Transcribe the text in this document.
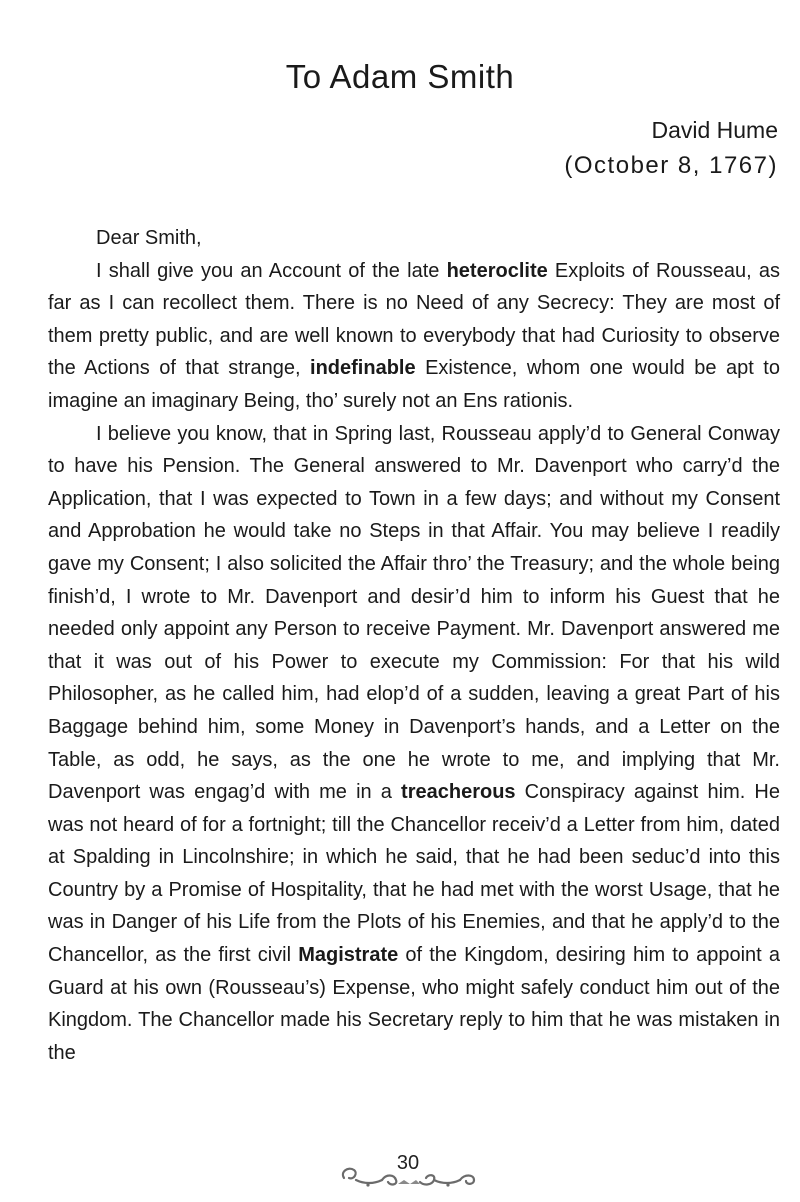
To Adam Smith
David Hume
(October 8, 1767)

Dear Smith,

I shall give you an Account of the late heteroclite Exploits of Rousseau, as far as I can recollect them. There is no Need of any Secrecy: They are most of them pretty public, and are well known to everybody that had Curiosity to observe the Actions of that strange, indefinable Existence, whom one would be apt to imagine an imaginary Being, tho’ surely not an Ens rationis.

I believe you know, that in Spring last, Rousseau apply’d to General Conway to have his Pension. The General answered to Mr. Davenport who carry’d the Application, that I was expected to Town in a few days; and without my Consent and Approbation he would take no Steps in that Affair. You may believe I readily gave my Consent; I also solicited the Affair thro’ the Treasury; and the whole being finish’d, I wrote to Mr. Davenport and desir’d him to inform his Guest that he needed only appoint any Person to receive Payment. Mr. Davenport answered me that it was out of his Power to execute my Commission: For that his wild Philosopher, as he called him, had elop’d of a sudden, leaving a great Part of his Baggage behind him, some Money in Davenport’s hands, and a Letter on the Table, as odd, he says, as the one he wrote to me, and implying that Mr. Davenport was engag’d with me in a treacherous Conspiracy against him. He was not heard of for a fortnight; till the Chancellor receiv’d a Letter from him, dated at Spalding in Lincolnshire; in which he said, that he had been seduc’d into this Country by a Promise of Hospitality, that he had met with the worst Usage, that he was in Danger of his Life from the Plots of his Enemies, and that he apply’d to the Chancellor, as the first civil Magistrate of the Kingdom, desiring him to appoint a Guard at his own (Rousseau’s) Expense, who might safely conduct him out of the Kingdom. The Chancellor made his Secretary reply to him that he was mistaken in the

30
